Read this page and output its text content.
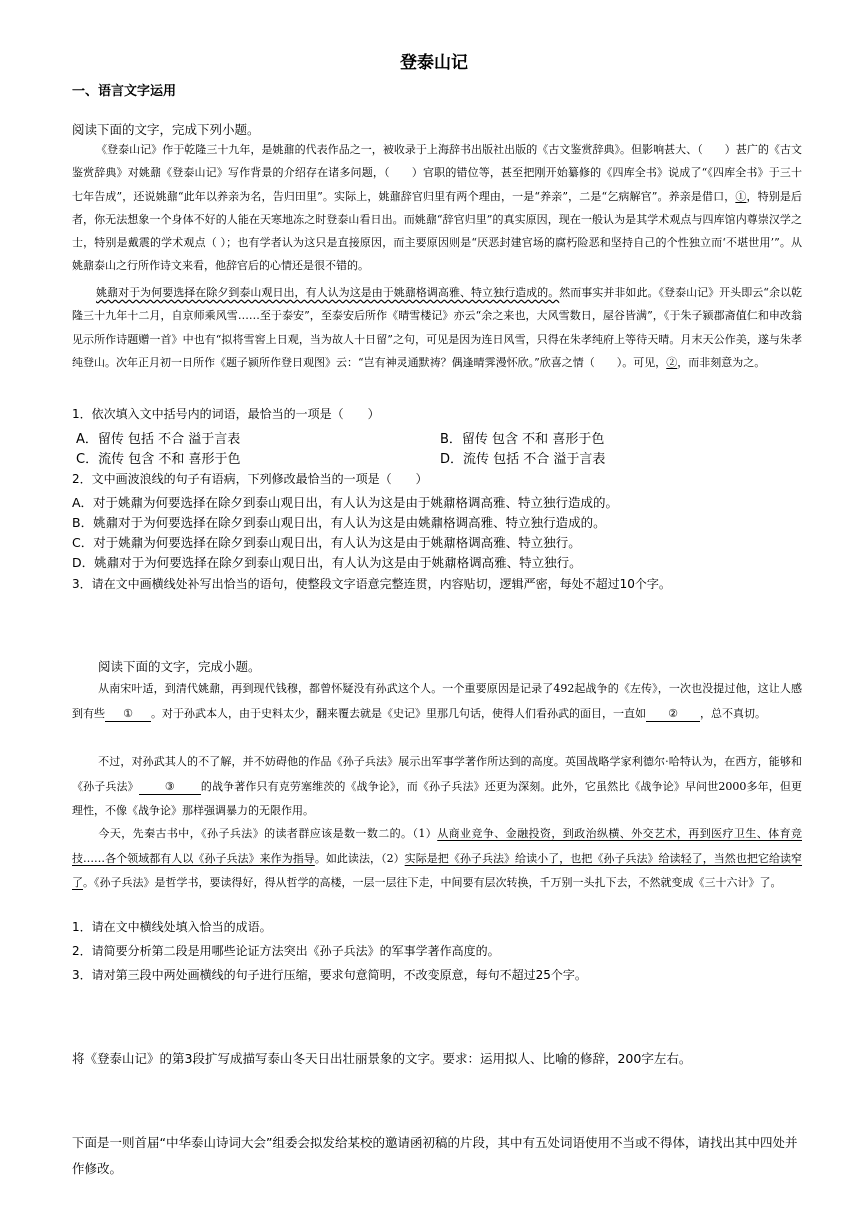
登泰山记
一、语言文字运用
阅读下面的文字，完成下列小题。
《登泰山记》作于乾隆三十九年，是姚鼐的代表作品之一，被收录于上海辞书出版社出版的《古文鉴赏辞典》。但影响甚大、（　　）甚广的《古文鉴赏辞典》对姚鼐《登泰山记》写作背景的介绍存在诸多问题，（　　）官职的错位等，甚至把刚开始纂修的《四库全书》说成了“《四库全书》于三十七年告成”，还说姚鼐“此年以养亲为名，告归田里”。实际上，姚鼐辞官归里有两个理由，一是“养亲”，二是“乞病解官”。养亲是借口，①，特别是后者，你无法想象一个身体不好的人能在天寒地冻之时登泰山看日出。而姚鼐“辞官归里”的真实原因，现在一般认为是其学术观点与四库馆内尊崇汉学之士，特别是戴震的学术观点（ ）；也有学者认为这只是直接原因，而主要原因则是“厌恶封建官场的腐朽险恶和坚持自己的个性独立而‘不堪世用’”。从姚鼐泰山之行所作诗文来看，他辞官后的心情还是很不错的。
姚鼐对于为何要选择在除夕到泰山观日出，有人认为这是由于姚鼐格调高雅、特立独行造成的。然而事实并非如此。《登泰山记》开头即云“余以乾隆三十九年十二月，自京师乘风雪……至于泰安”，至泰安后所作《晴雪楼记》亦云“余之来也，大风雪数日，屋谷皆满”，《于朱子颍郡斋值仁和申改翁见示所作诗题赠一首》中也有“拟将雪窖上日观，当为故人十日留”之句，可见是因为连日风雪，只得在朱孝纯府上等待天晴。月末天公作美，遂与朱孝纯登山。次年正月初一日所作《题子颍所作登日观图》云：“岂有神灵通默祷？偶逢晴霁漫怀欣。”欣喜之情（　　）。可见，②，而非刻意为之。
1．依次填入文中括号内的词语，最恰当的一项是（　　）
A．留传 包括 不合 溢于言表	B．留传 包含 不和 喜形于色
C．流传 包含 不和 喜形于色	D．流传 包括 不合 溢于言表
2．文中画波浪线的句子有语病，下列修改最恰当的一项是（　　）
A．对于姚鼐为何要选择在除夕到泰山观日出，有人认为这是由于姚鼐格调高雅、特立独行造成的。
B．姚鼐对于为何要选择在除夕到泰山观日出，有人认为这是由姚鼐格调高雅、特立独行造成的。
C．对于姚鼐为何要选择在除夕到泰山观日出，有人认为这是由于姚鼐格调高雅、特立独行。
D．姚鼐对于为何要选择在除夕到泰山观日出，有人认为这是由于姚鼐格调高雅、特立独行。
3．请在文中画横线处补写出恰当的语句，使整段文字语意完整连贯，内容贴切，逻辑严密，每处不超过10个字。
阅读下面的文字，完成小题。
从南宋叶适，到清代姚鼐，再到现代钱穆，都曾怀疑没有孙武这个人。一个重要原因是记录了492起战争的《左传》，一次也没提过他，这让人感到有些 ① 。对于孙武本人，由于史料太少，翻来覆去就是《史记》里那几句话，使得人们看孙武的面目，一直如 ② ，总不真切。
不过，对孙武其人的不了解，并不妨碍他的作品《孙子兵法》展示出军事学著作所达到的高度。英国战略学家利德尔·哈特认为，在西方，能够和《孙子兵法》 ③ 的战争著作只有克劳塞维茨的《战争论》，而《孙子兵法》还更为深刻。此外，它虽然比《战争论》早问世2000多年，但更理性，不像《战争论》那样强调暴力的无限作用。
今天，先秦古书中，《孙子兵法》的读者群应该是数一数二的。（1）从商业竞争、金融投资，到政治纵横、外交艺术，再到医疗卫生、体育竞技……各个领域都有人以《孙子兵法》来作为指导。如此读法，（2）实际是把《孙子兵法》给读小了，也把《孙子兵法》给读轻了，当然也把它给读窄了。《孙子兵法》是哲学书，要读得好，得从哲学的高楼，一层一层往下走，中间要有层次转换，千万别一头扎下去，不然就变成《三十六计》了。
1．请在文中横线处填入恰当的成语。
2．请简要分析第二段是用哪些论证方法突出《孙子兵法》的军事学著作高度的。
3．请对第三段中两处画横线的句子进行压缩，要求句意简明，不改变原意，每句不超过25个字。
将《登泰山记》的第3段扩写成描写泰山冬天日出壮丽景象的文字。要求：运用拟人、比喻的修辞，200字左右。
下面是一则首届“中华泰山诗词大会”组委会拟发给某校的邀请函初稿的片段，其中有五处词语使用不当或不得体，请找出其中四处并作修改。
